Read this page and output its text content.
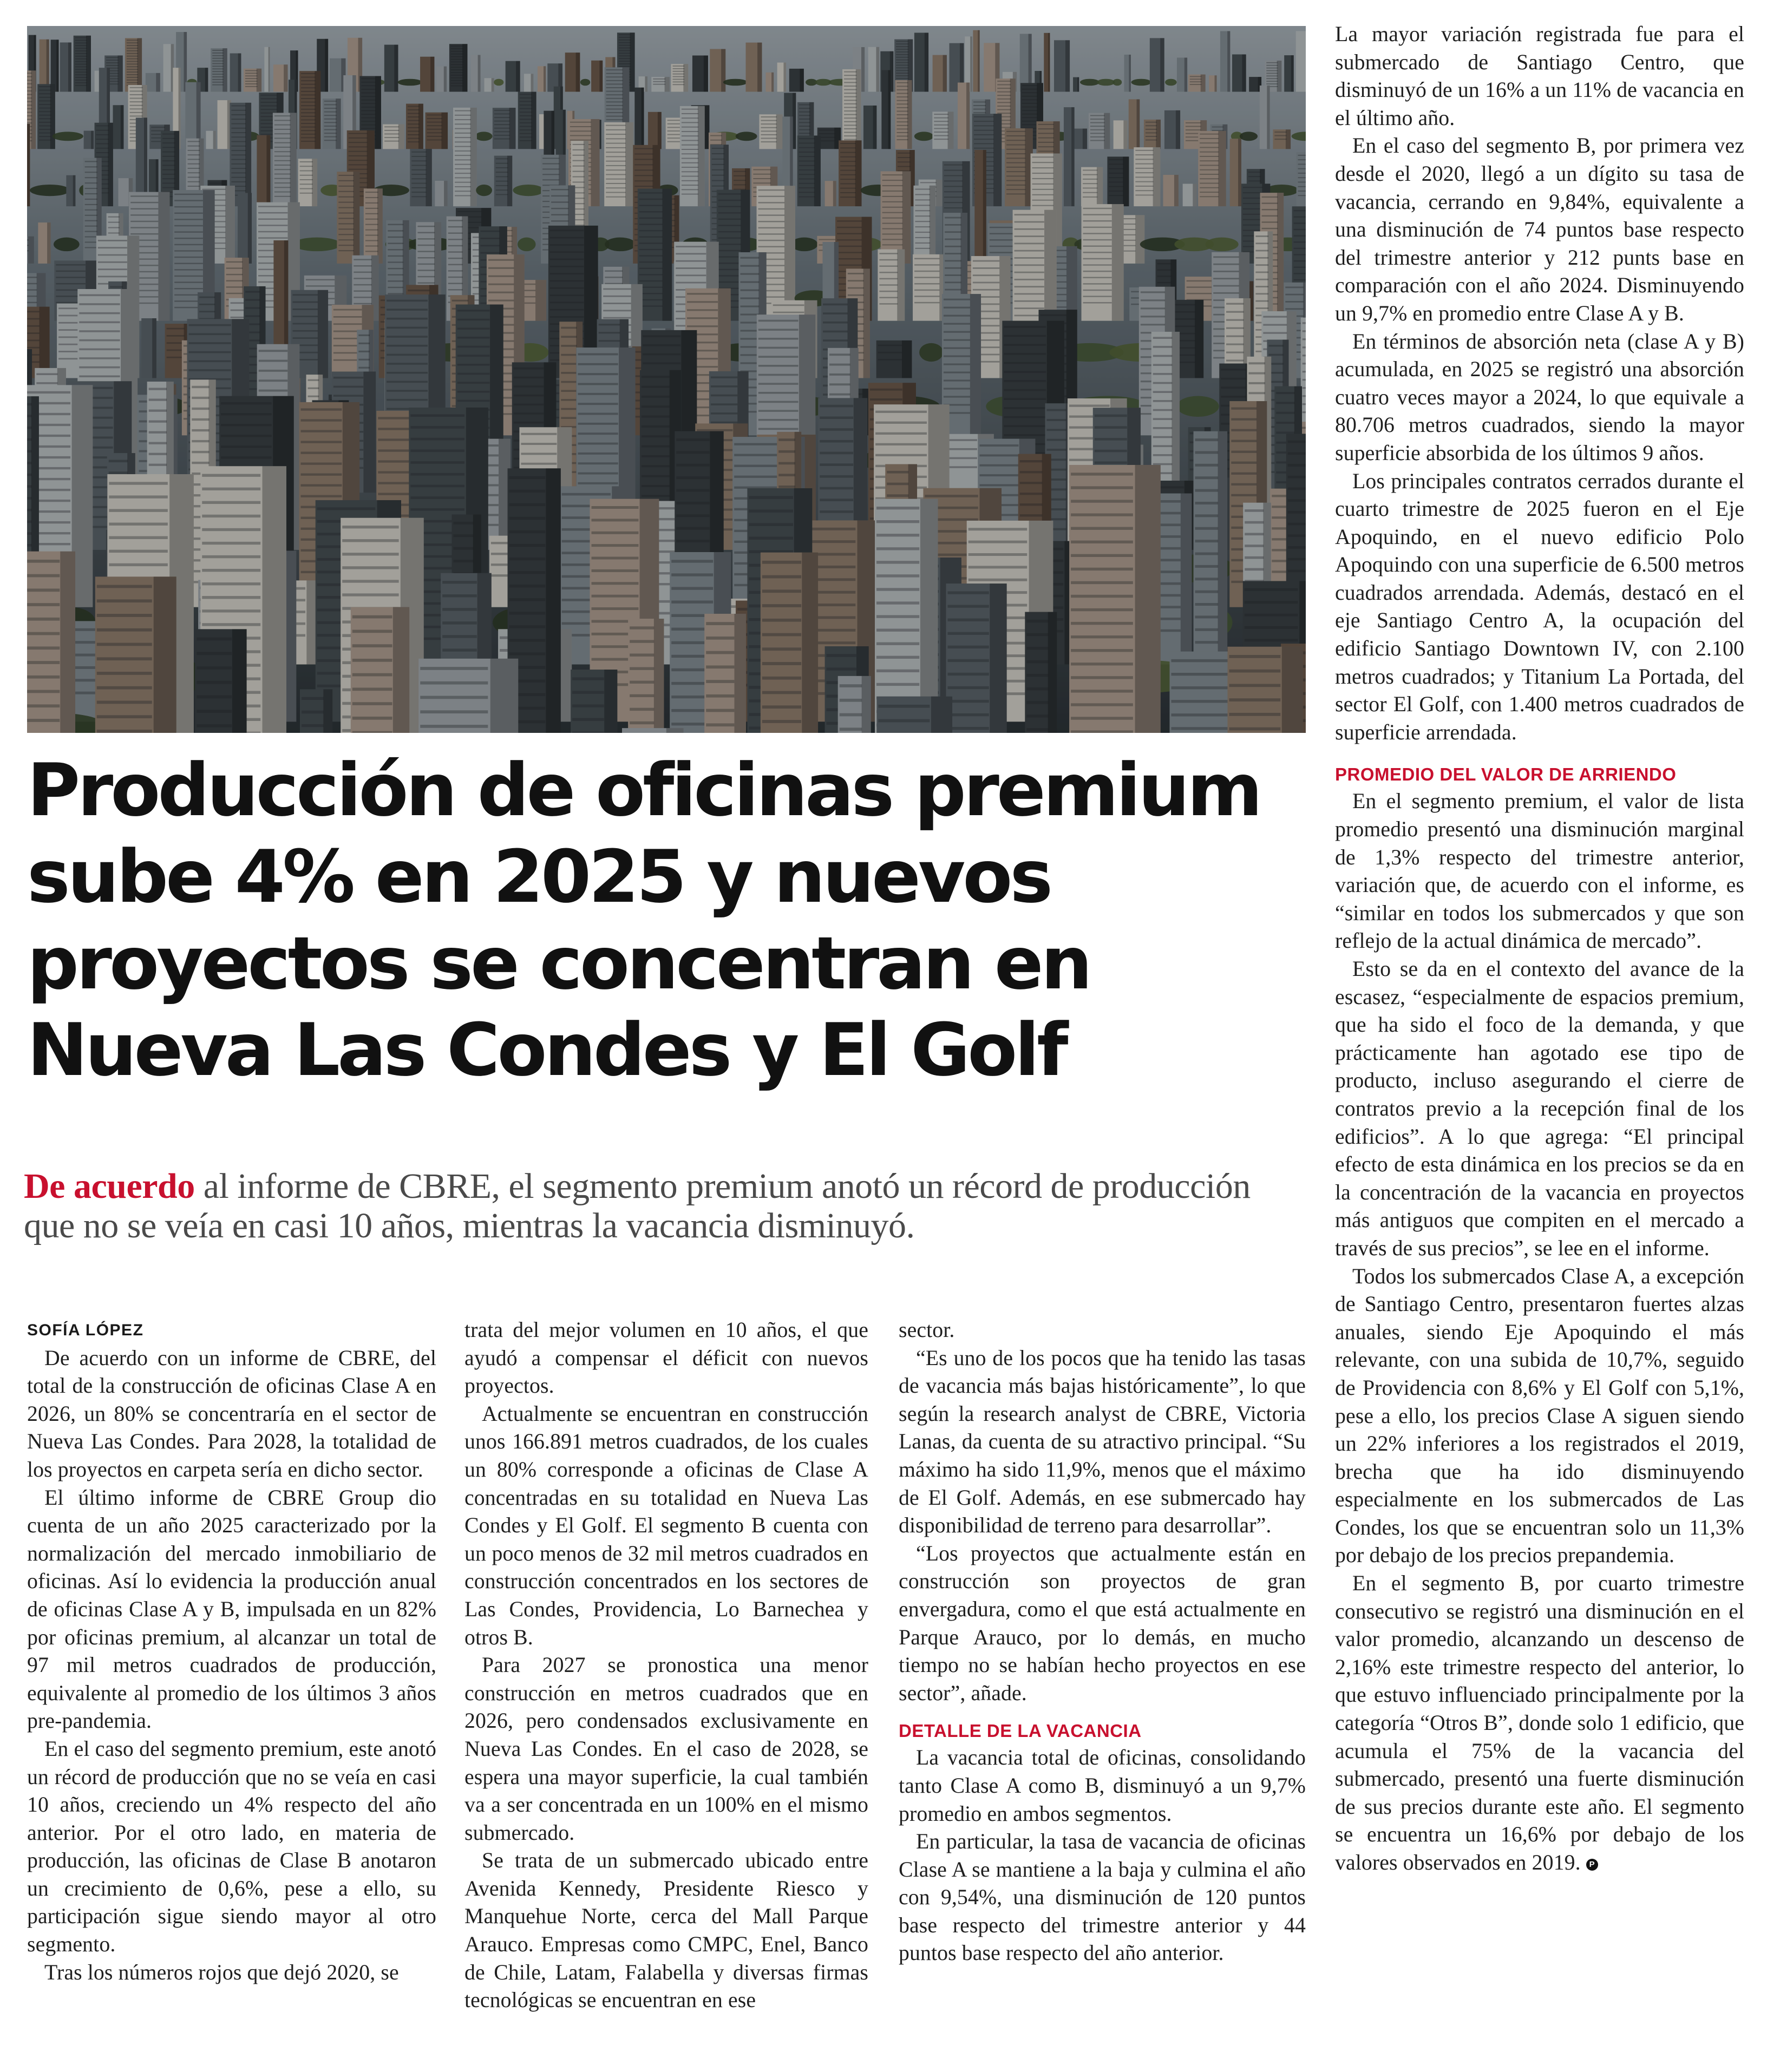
Producción de oficinas premium
sube 4% en 2025 y nuevos
proyectos se concentran en
Nueva Las Condes y El Golf

De acuerdo al informe de CBRE, el segmento premium anotó un récord de producción que no se veía en casi 10 años, mientras la vacancia disminuyó.

SOFÍA LÓPEZ

De acuerdo con un informe de CBRE, del total de la construcción de oficinas Clase A en 2026, un 80% se concentraría en el sector de Nueva Las Condes. Para 2028, la totalidad de los proyectos en carpeta sería en dicho sector.

El último informe de CBRE Group dio cuenta de un año 2025 caracterizado por la normalización del mercado inmobiliario de oficinas. Así lo evidencia la producción anual de oficinas Clase A y B, impulsada en un 82% por oficinas premium, al alcanzar un total de 97 mil metros cuadrados de producción, equivalente al promedio de los últimos 3 años pre-pandemia.

En el caso del segmento premium, este anotó un récord de producción que no se veía en casi 10 años, creciendo un 4% respecto del año anterior. Por el otro lado, en materia de producción, las oficinas de Clase B anotaron un crecimiento de 0,6%, pese a ello, su participación sigue siendo mayor al otro segmento.

Tras los números rojos que dejó 2020, se

trata del mejor volumen en 10 años, el que ayudó a compensar el déficit con nuevos proyectos.

Actualmente se encuentran en construcción unos 166.891 metros cuadrados, de los cuales un 80% corresponde a oficinas de Clase A concentradas en su totalidad en Nueva Las Condes y El Golf. El segmento B cuenta con un poco menos de 32 mil metros cuadrados en construcción concentrados en los sectores de Las Condes, Providencia, Lo Barnechea y otros B.

Para 2027 se pronostica una menor construcción en metros cuadrados que en 2026, pero condensados exclusivamente en Nueva Las Condes. En el caso de 2028, se espera una mayor superficie, la cual también va a ser concentrada en un 100% en el mismo submercado.

Se trata de un submercado ubicado entre Avenida Kennedy, Presidente Riesco y Manquehue Norte, cerca del Mall Parque Arauco. Empresas como CMPC, Enel, Banco de Chile, Latam, Falabella y diversas firmas tecnológicas se encuentran en ese

sector.

“Es uno de los pocos que ha tenido las tasas de vacancia más bajas históricamente”, lo que según la research analyst de CBRE, Victoria Lanas, da cuenta de su atractivo principal. “Su máximo ha sido 11,9%, menos que el máximo de El Golf. Además, en ese submercado hay disponibilidad de terreno para desarrollar”.

“Los proyectos que actualmente están en construcción son proyectos de gran envergadura, como el que está actualmente en Parque Arauco, por lo demás, en mucho tiempo no se habían hecho proyectos en ese sector”, añade.

DETALLE DE LA VACANCIA

La vacancia total de oficinas, consolidando tanto Clase A como B, disminuyó a un 9,7% promedio en ambos segmentos.

En particular, la tasa de vacancia de oficinas Clase A se mantiene a la baja y culmina el año con 9,54%, una disminución de 120 puntos base respecto del trimestre anterior y 44 puntos base respecto del año anterior.

La mayor variación registrada fue para el submercado de Santiago Centro, que disminuyó de un 16% a un 11% de vacancia en el último año.

En el caso del segmento B, por primera vez desde el 2020, llegó a un dígito su tasa de vacancia, cerrando en 9,84%, equivalente a una disminución de 74 puntos base respecto del trimestre anterior y 212 punts base en comparación con el año 2024. Disminuyendo un 9,7% en promedio entre Clase A y B.

En términos de absorción neta (clase A y B) acumulada, en 2025 se registró una absorción cuatro veces mayor a 2024, lo que equivale a 80.706 metros cuadrados, siendo la mayor superficie absorbida de los últimos 9 años.

Los principales contratos cerrados durante el cuarto trimestre de 2025 fueron en el Eje Apoquindo, en el nuevo edificio Polo Apoquindo con una superficie de 6.500 metros cuadrados arrendada. Además, destacó en el eje Santiago Centro A, la ocupación del edificio Santiago Downtown IV, con 2.100 metros cuadrados; y Titanium La Portada, del sector El Golf, con 1.400 metros cuadrados de superficie arrendada.

PROMEDIO DEL VALOR DE ARRIENDO

En el segmento premium, el valor de lista promedio presentó una disminución marginal de 1,3% respecto del trimestre anterior, variación que, de acuerdo con el informe, es “similar en todos los submercados y que son reflejo de la actual dinámica de mercado”.

Esto se da en el contexto del avance de la escasez, “especialmente de espacios premium, que ha sido el foco de la demanda, y que prácticamente han agotado ese tipo de producto, incluso asegurando el cierre de contratos previo a la recepción final de los edificios”. A lo que agrega: “El principal efecto de esta dinámica en los precios se da en la concentración de la vacancia en proyectos más antiguos que compiten en el mercado a través de sus precios”, se lee en el informe.

Todos los submercados Clase A, a excepción de Santiago Centro, presentaron fuertes alzas anuales, siendo Eje Apoquindo el más relevante, con una subida de 10,7%, seguido de Providencia con 8,6% y El Golf con 5,1%, pese a ello, los precios Clase A siguen siendo un 22% inferiores a los registrados el 2019, brecha que ha ido disminuyendo especialmente en los submercados de Las Condes, los que se encuentran solo un 11,3% por debajo de los precios prepandemia.

En el segmento B, por cuarto trimestre consecutivo se registró una disminución en el valor promedio, alcanzando un descenso de 2,16% este trimestre respecto del anterior, lo que estuvo influenciado principalmente por la categoría “Otros B”, donde solo 1 edificio, que acumula el 75% de la vacancia del submercado, presentó una fuerte disminución de sus precios durante este año. El segmento se encuentra un 16,6% por debajo de los valores observados en 2019. P
